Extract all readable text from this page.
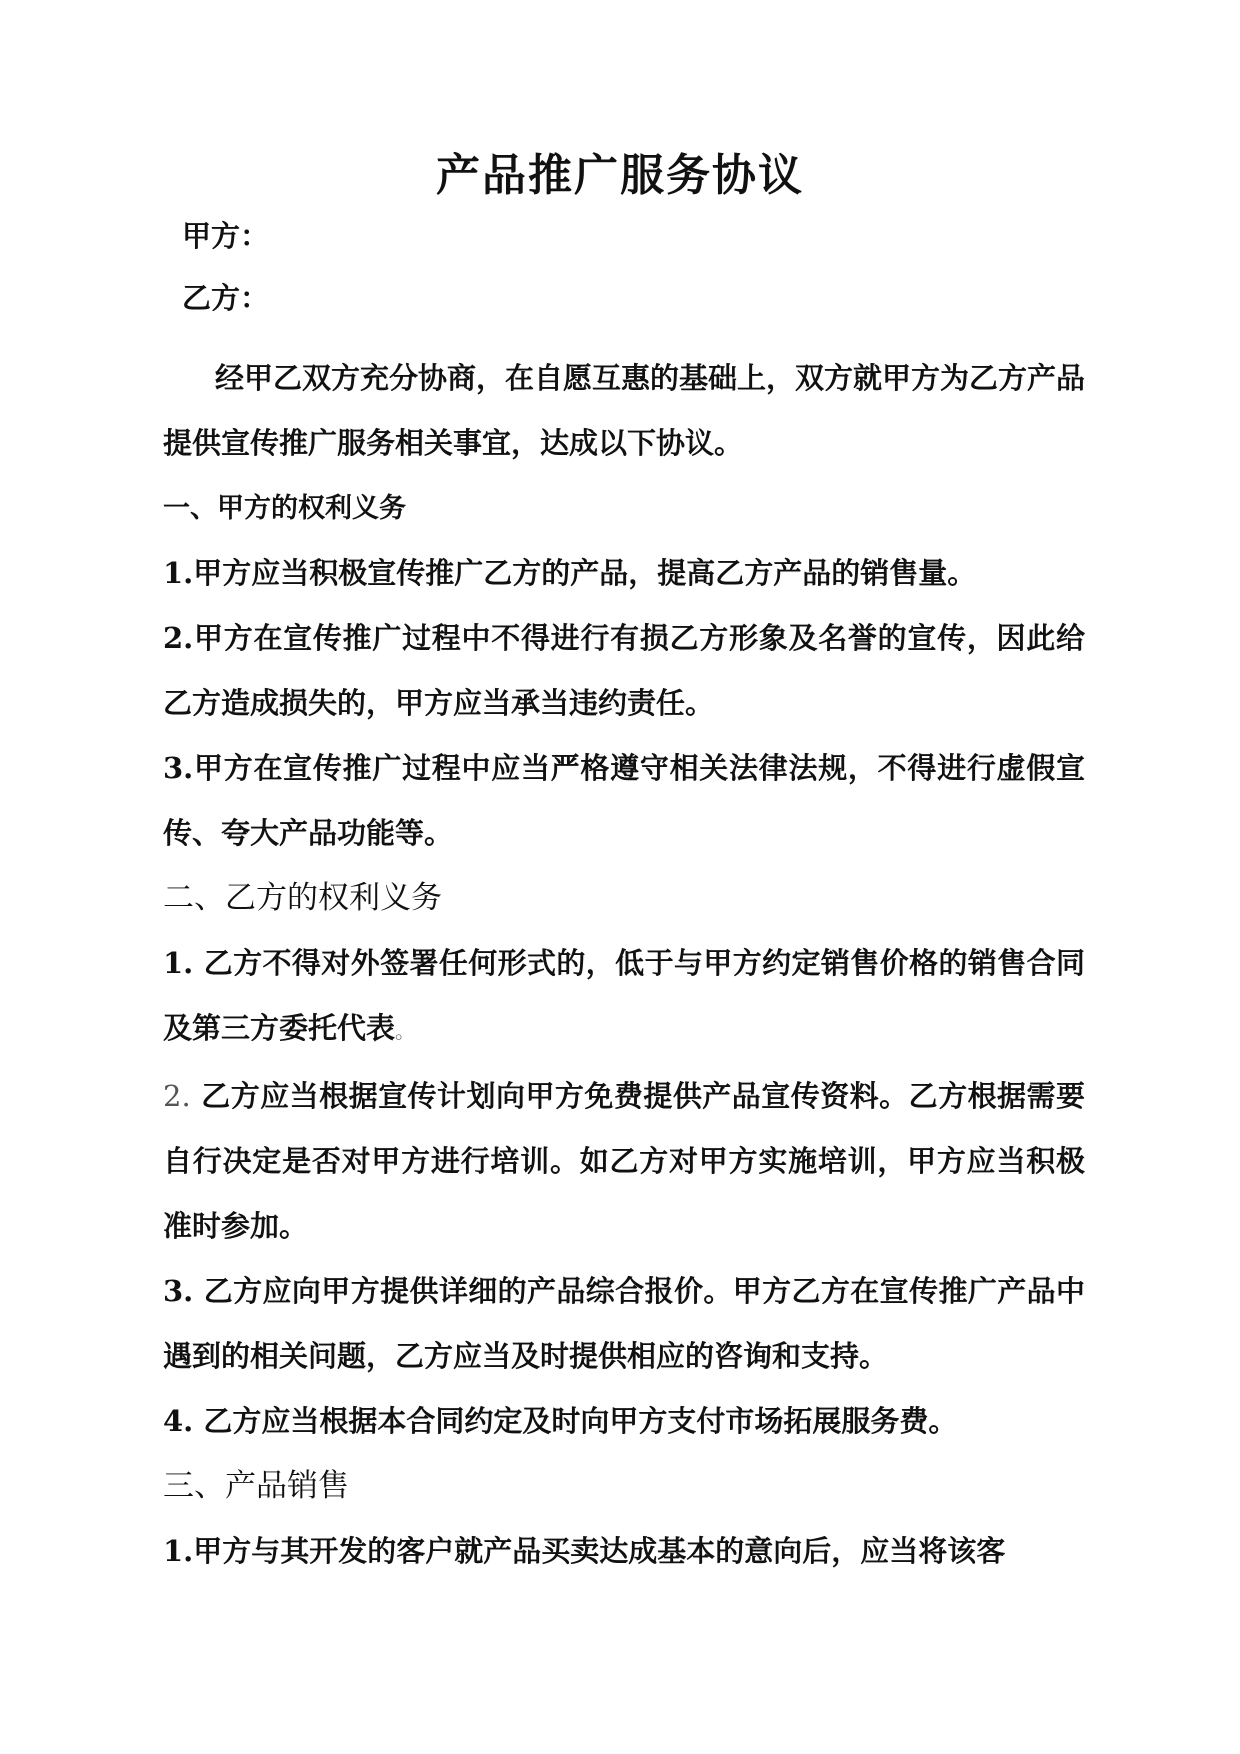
产品推广服务协议
甲方：
乙方：

经甲乙双方充分协商，在自愿互惠的基础上，双方就甲方为乙方产品提供宣传推广服务相关事宜，达成以下协议。

一、甲方的权利义务

1.甲方应当积极宣传推广乙方的产品，提高乙方产品的销售量。

2.甲方在宣传推广过程中不得进行有损乙方形象及名誉的宣传，因此给乙方造成损失的，甲方应当承当违约责任。

3.甲方在宣传推广过程中应当严格遵守相关法律法规，不得进行虚假宣传、夸大产品功能等。

二、乙方的权利义务

1. 乙方不得对外签署任何形式的，低于与甲方约定销售价格的销售合同及第三方委托代表。

2. 乙方应当根据宣传计划向甲方免费提供产品宣传资料。乙方根据需要自行决定是否对甲方进行培训。如乙方对甲方实施培训，甲方应当积极准时参加。

3. 乙方应向甲方提供详细的产品综合报价。甲方乙方在宣传推广产品中遇到的相关问题，乙方应当及时提供相应的咨询和支持。

4. 乙方应当根据本合同约定及时向甲方支付市场拓展服务费。

三、产品销售

1.甲方与其开发的客户就产品买卖达成基本的意向后，应当将该客
